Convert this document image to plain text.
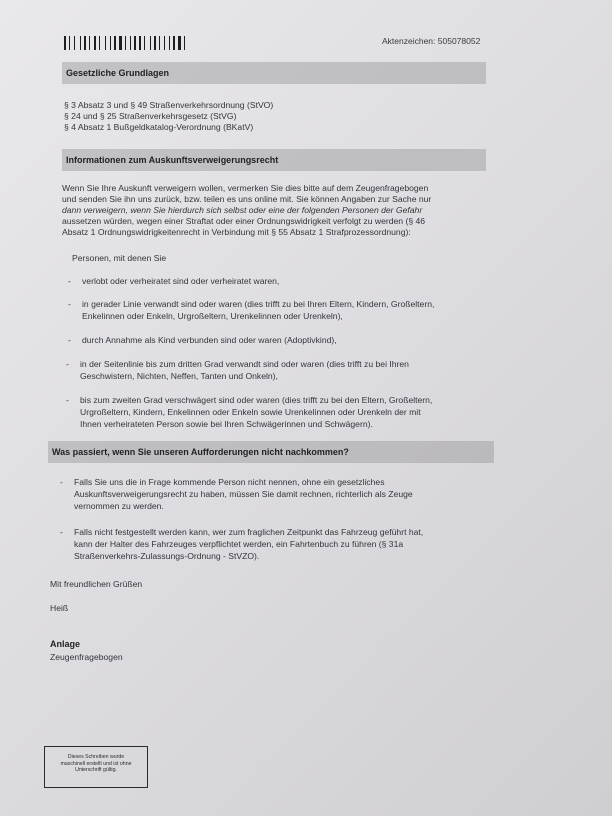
Aktenzeichen: 505078052
Gesetzliche Grundlagen
§ 3 Absatz 3 und § 49 Straßenverkehrsordnung (StVO)
§ 24 und § 25 Straßenverkehrsgesetz (StVG)
§ 4 Absatz 1 Bußgeldkatalog-Verordnung (BKatV)
Informationen zum Auskunftsverweigerungsrecht
Wenn Sie Ihre Auskunft verweigern wollen, vermerken Sie dies bitte auf dem Zeugenfragebogen
und senden Sie ihn uns zurück, bzw. teilen es uns online mit. Sie können Angaben zur Sache nur
dann verweigern, wenn Sie hierdurch sich selbst oder eine der folgenden Personen der Gefahr
aussetzen würden, wegen einer Straftat oder einer Ordnungswidrigkeit verfolgt zu werden (§ 46
Absatz 1 Ordnungswidrigkeitenrecht in Verbindung mit § 55 Absatz 1 Strafprozessordnung):
Personen, mit denen Sie
- verlobt oder verheiratet sind oder verheiratet waren,
- in gerader Linie verwandt sind oder waren (dies trifft zu bei Ihren Eltern, Kindern, Großeltern,
Enkelinnen oder Enkeln, Urgroßeltern, Urenkelinnen oder Urenkeln),
- durch Annahme als Kind verbunden sind oder waren (Adoptivkind),
- in der Seitenlinie bis zum dritten Grad verwandt sind oder waren (dies trifft zu bei Ihren
Geschwistern, Nichten, Neffen, Tanten und Onkeln),
- bis zum zweiten Grad verschwägert sind oder waren (dies trifft zu bei den Eltern, Großeltern,
Urgroßeltern, Kindern, Enkelinnen oder Enkeln sowie Urenkelinnen oder Urenkeln der mit
Ihnen verheirateten Person sowie bei Ihren Schwägerinnen und Schwägern).
Was passiert, wenn Sie unseren Aufforderungen nicht nachkommen?
- Falls Sie uns die in Frage kommende Person nicht nennen, ohne ein gesetzliches
Auskunftsverweigerungsrecht zu haben, müssen Sie damit rechnen, richterlich als Zeuge
vernommen zu werden.
- Falls nicht festgestellt werden kann, wer zum fraglichen Zeitpunkt das Fahrzeug geführt hat,
kann der Halter des Fahrzeuges verpflichtet werden, ein Fahrtenbuch zu führen (§ 31a
Straßenverkehrs-Zulassungs-Ordnung - StVZO).
Mit freundlichen Grüßen
Heiß
Anlage
Zeugenfragebogen
Dieses Schreiben wurde
maschinell erstellt und ist ohne
Unterschrift gültig.
